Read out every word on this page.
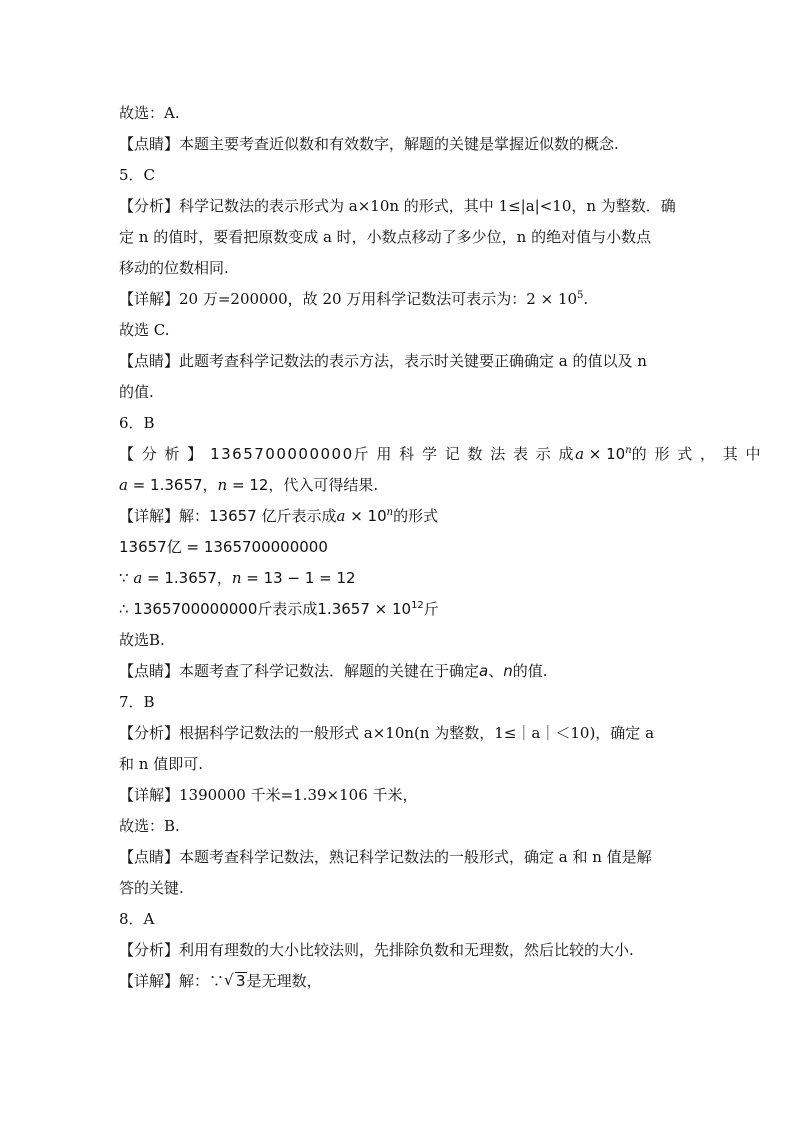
故选：A.
【点睛】本题主要考查近似数和有效数字，解题的关键是掌握近似数的概念.
5．C
【分析】科学记数法的表示形式为 a×10n 的形式，其中 1≤|a|<10，n 为整数．确
定 n 的值时，要看把原数变成 a 时，小数点移动了多少位，n 的绝对值与小数点
移动的位数相同.
【详解】20 万=200000，故 20 万用科学记数法可表示为：$2 \times 10^5$.
故选 C.
【点睛】此题考查科学记数法的表示方法，表示时关键要正确确定 a 的值以及 n
的值.
6．B
【 分 析 】 1365700000000斤 用 科 学 记 数 法 表 示 成$a \times 10^n$的 形 式 ， 其 中
a = 1.3657，n = 12，代入可得结果.
【详解】解：13657 亿斤表示成$a \times 10^n$的形式
13657亿 = 1365700000000
∵ a = 1.3657，n = 13 − 1 = 12
∴ 1365700000000斤表示成$1.3657 \times 10^{12}$斤
故选B.
【点睛】本题考查了科学记数法．解题的关键在于确定a、n的值.
7．B
【分析】根据科学记数法的一般形式 a×10n(n 为整数，1≤｜a｜＜10)，确定 a
和 n 值即可.
【详解】1390000 千米=1.39×106 千米，
故选：B.
【点睛】本题考查科学记数法，熟记科学记数法的一般形式，确定 a 和 n 值是解
答的关键.
8．A
【分析】利用有理数的大小比较法则，先排除负数和无理数，然后比较的大小.
【详解】解：∵ √ 3是无理数，
